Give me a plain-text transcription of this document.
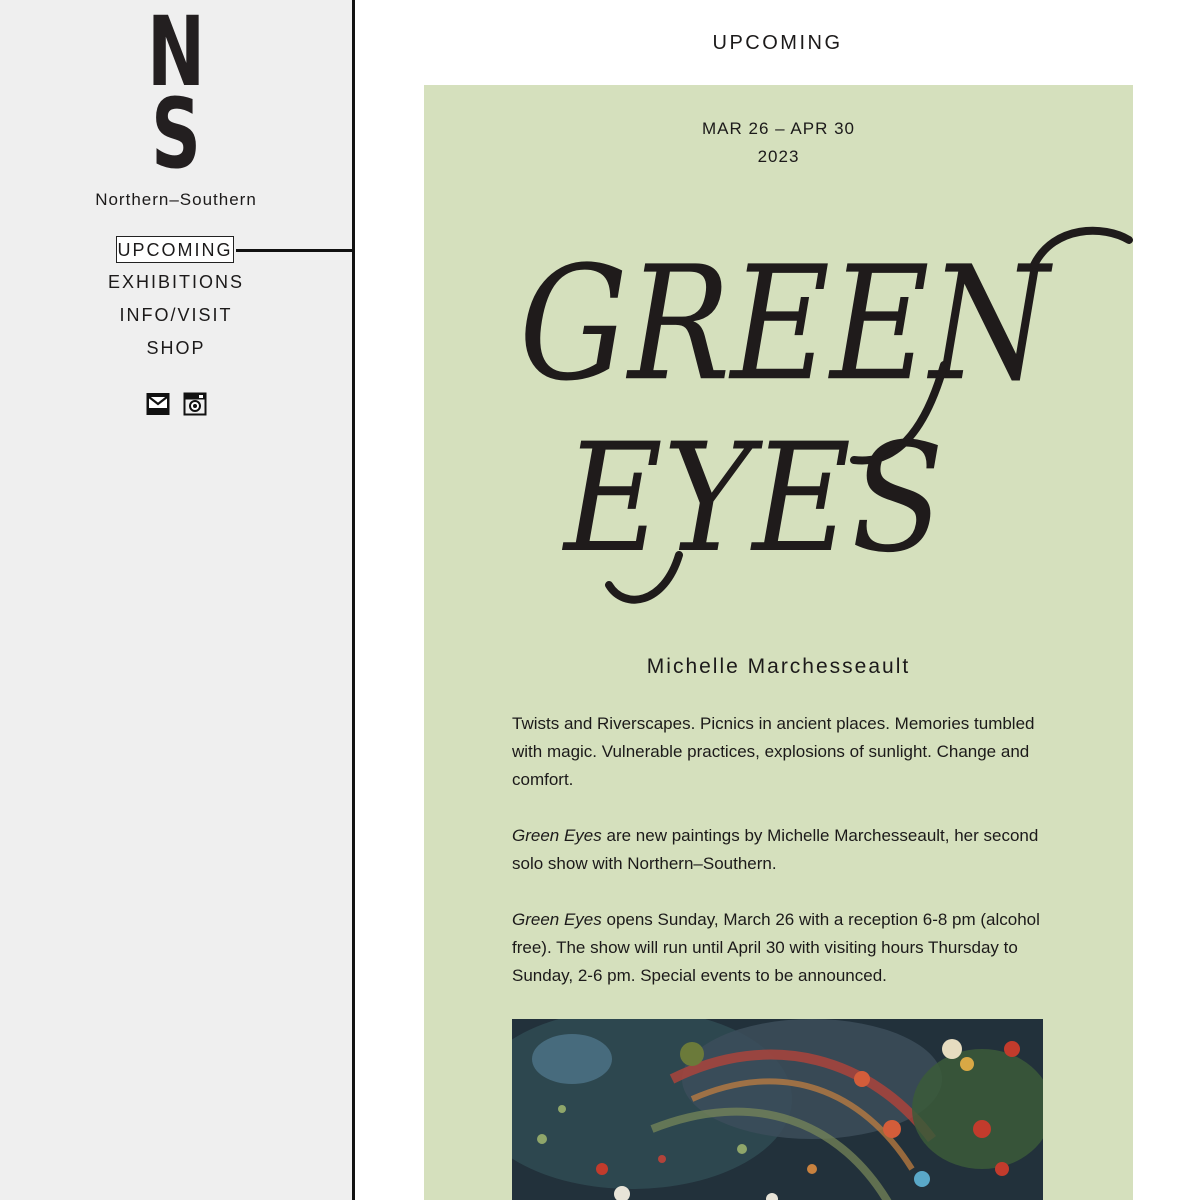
N
S
Northern–Southern
UPCOMING
EXHIBITIONS
INFO/VISIT
SHOP
UPCOMING
MAR 26 – APR 30
2023
GREEN
EYES
Michelle Marchesseault

Twists and Riverscapes. Picnics in ancient places. Memories tumbled with magic. Vulnerable practices, explosions of sunlight. Change and comfort.

Green Eyes are new paintings by Michelle Marchesseault, her second solo show with Northern–Southern.

Green Eyes opens Sunday, March 26 with a reception 6-8 pm (alcohol free). The show will run until April 30 with visiting hours Thursday to Sunday, 2-6 pm. Special events to be announced.
